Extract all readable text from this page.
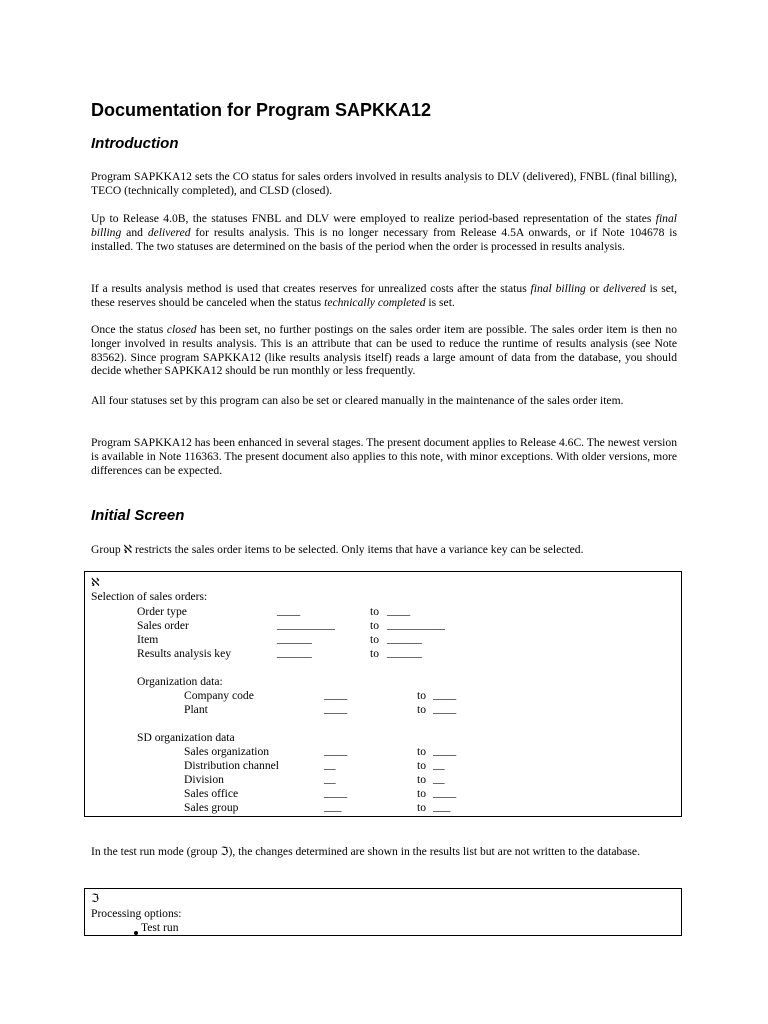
Documentation for Program SAPKKA12
Introduction

Program SAPKKA12 sets the CO status for sales orders involved in results analysis to DLV (delivered), FNBL (final billing), TECO (technically completed), and CLSD (closed).

Up to Release 4.0B, the statuses FNBL and DLV were employed to realize period-based representation of the states final billing and delivered for results analysis. This is no longer necessary from Release 4.5A onwards, or if Note 104678 is installed. The two statuses are determined on the basis of the period when the order is processed in results analysis.

If a results analysis method is used that creates reserves for unrealized costs after the status final billing or delivered is set, these reserves should be canceled when the status technically completed is set.

Once the status closed has been set, no further postings on the sales order item are possible. The sales order item is then no longer involved in results analysis. This is an attribute that can be used to reduce the runtime of results analysis (see Note 83562). Since program SAPKKA12 (like results analysis itself) reads a large amount of data from the database, you should decide whether SAPKKA12 should be run monthly or less frequently.

All four statuses set by this program can also be set or cleared manually in the maintenance of the sales order item.

Program SAPKKA12 has been enhanced in several stages. The present document applies to Release 4.6C. The newest version is available in Note 116363. The present document also applies to this note, with minor exceptions. With older versions, more differences can be expected.

Initial Screen

Group ℵ restricts the sales order items to be selected. Only items that have a variance key can be selected.

ℵ
Selection of sales orders:
Order type	____	to ____
Sales order	__________	to __________
Item	______	to ______
Results analysis key	______	to ______
Organization data:
Company code	____	to ____
Plant	____	to ____
SD organization data
Sales organization	____	to ____
Distribution channel	__	to __
Division	__	to __
Sales office	____	to ____
Sales group	___	to ___

In the test run mode (group ℑ), the changes determined are shown in the results list but are not written to the database.

ℑ
Processing options:
Test run
